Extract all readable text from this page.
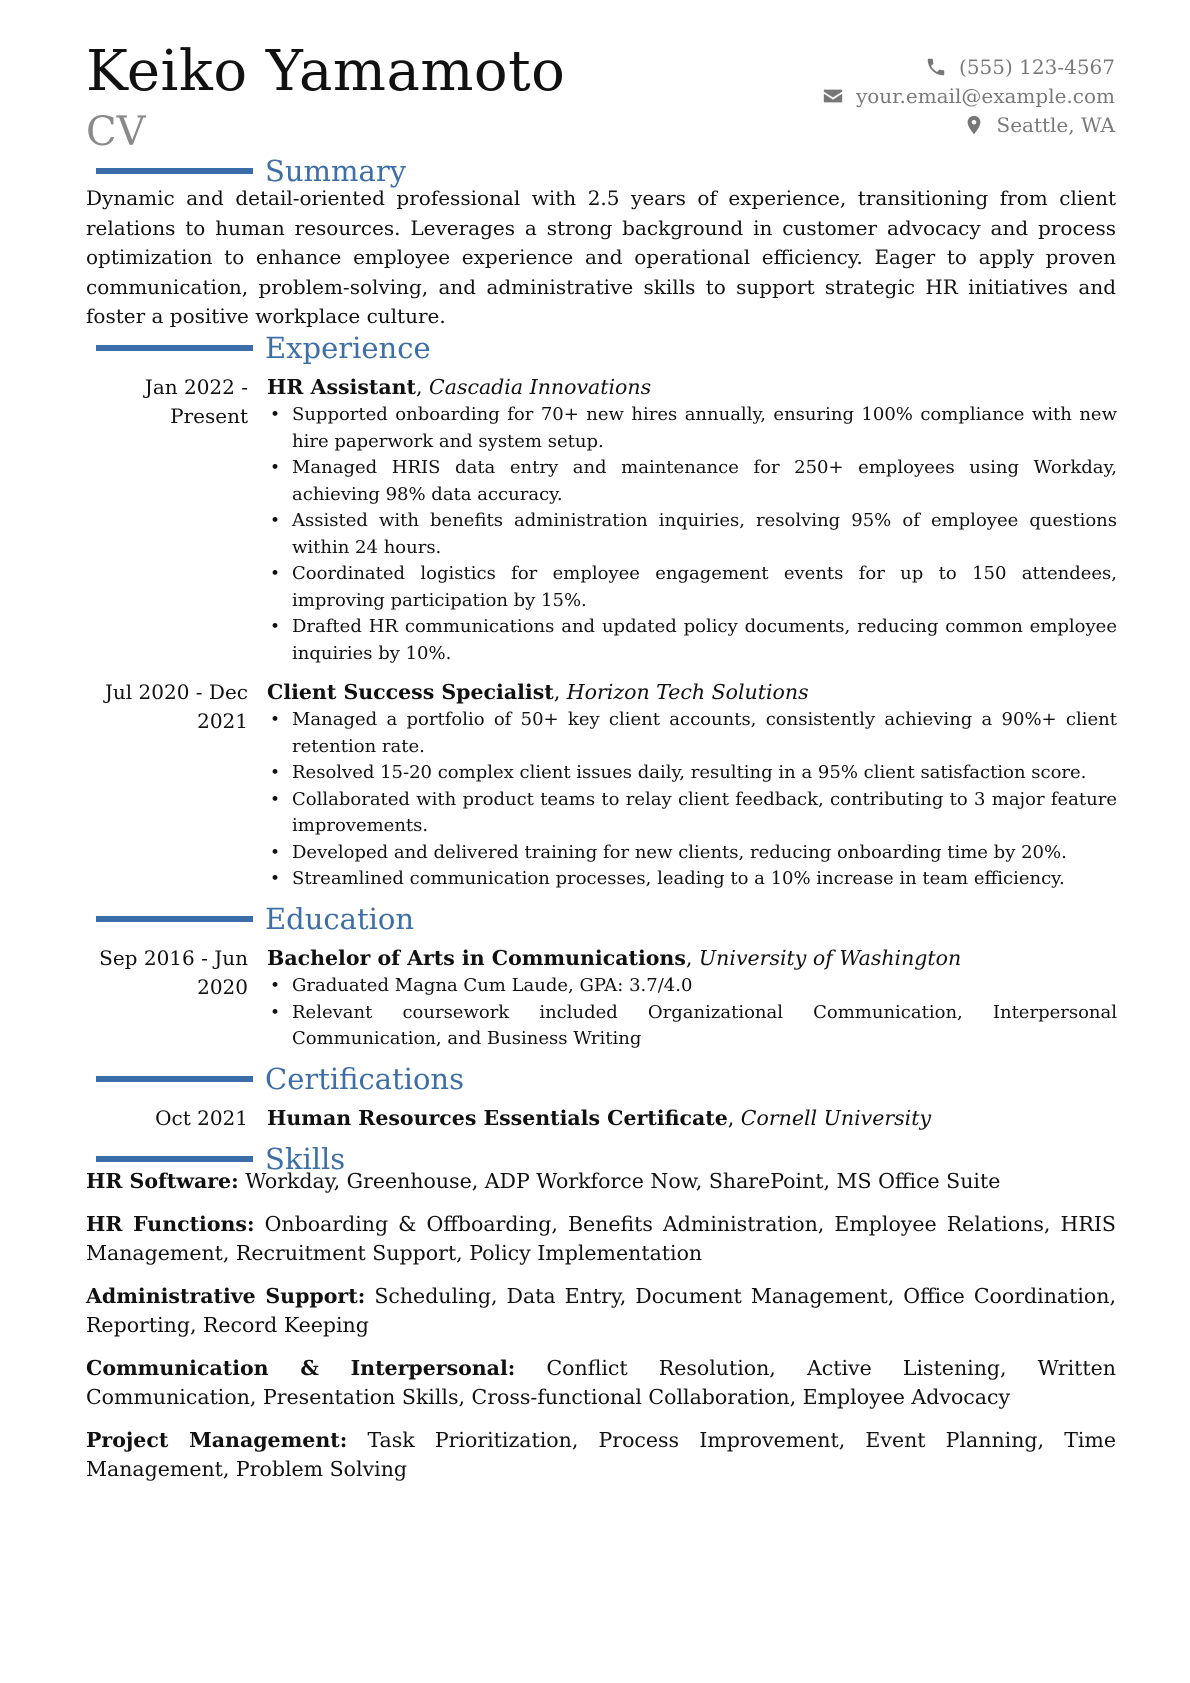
Keiko Yamamoto
CV
(555) 123-4567
your.email@example.com
Seattle, WA
Summary
Dynamic and detail-oriented professional with 2.5 years of experience, transitioning from client relations to human resources. Leverages a strong background in customer advocacy and process optimization to enhance employee experience and operational efficiency. Eager to apply proven communication, problem-solving, and administrative skills to support strategic HR initiatives and foster a positive workplace culture.
Experience
Jan 2022 - Present
HR Assistant, Cascadia Innovations
• Supported onboarding for 70+ new hires annually, ensuring 100% compliance with new hire paperwork and system setup.
• Managed HRIS data entry and maintenance for 250+ employees using Workday, achieving 98% data accuracy.
• Assisted with benefits administration inquiries, resolving 95% of employee questions within 24 hours.
• Coordinated logistics for employee engagement events for up to 150 attendees, improving participation by 15%.
• Drafted HR communications and updated policy documents, reducing common employee inquiries by 10%.
Jul 2020 - Dec 2021
Client Success Specialist, Horizon Tech Solutions
• Managed a portfolio of 50+ key client accounts, consistently achieving a 90%+ client retention rate.
• Resolved 15-20 complex client issues daily, resulting in a 95% client satisfaction score.
• Collaborated with product teams to relay client feedback, contributing to 3 major feature improvements.
• Developed and delivered training for new clients, reducing onboarding time by 20%.
• Streamlined communication processes, leading to a 10% increase in team efficiency.
Education
Sep 2016 - Jun 2020
Bachelor of Arts in Communications, University of Washington
• Graduated Magna Cum Laude, GPA: 3.7/4.0
• Relevant coursework included Organizational Communication, Interpersonal Communication, and Business Writing
Certifications
Oct 2021 Human Resources Essentials Certificate, Cornell University
Skills
HR Software: Workday, Greenhouse, ADP Workforce Now, SharePoint, MS Office Suite
HR Functions: Onboarding & Offboarding, Benefits Administration, Employee Relations, HRIS Management, Recruitment Support, Policy Implementation
Administrative Support: Scheduling, Data Entry, Document Management, Office Coordination, Reporting, Record Keeping
Communication & Interpersonal: Conflict Resolution, Active Listening, Written Communication, Presentation Skills, Cross-functional Collaboration, Employee Advocacy
Project Management: Task Prioritization, Process Improvement, Event Planning, Time Management, Problem Solving
